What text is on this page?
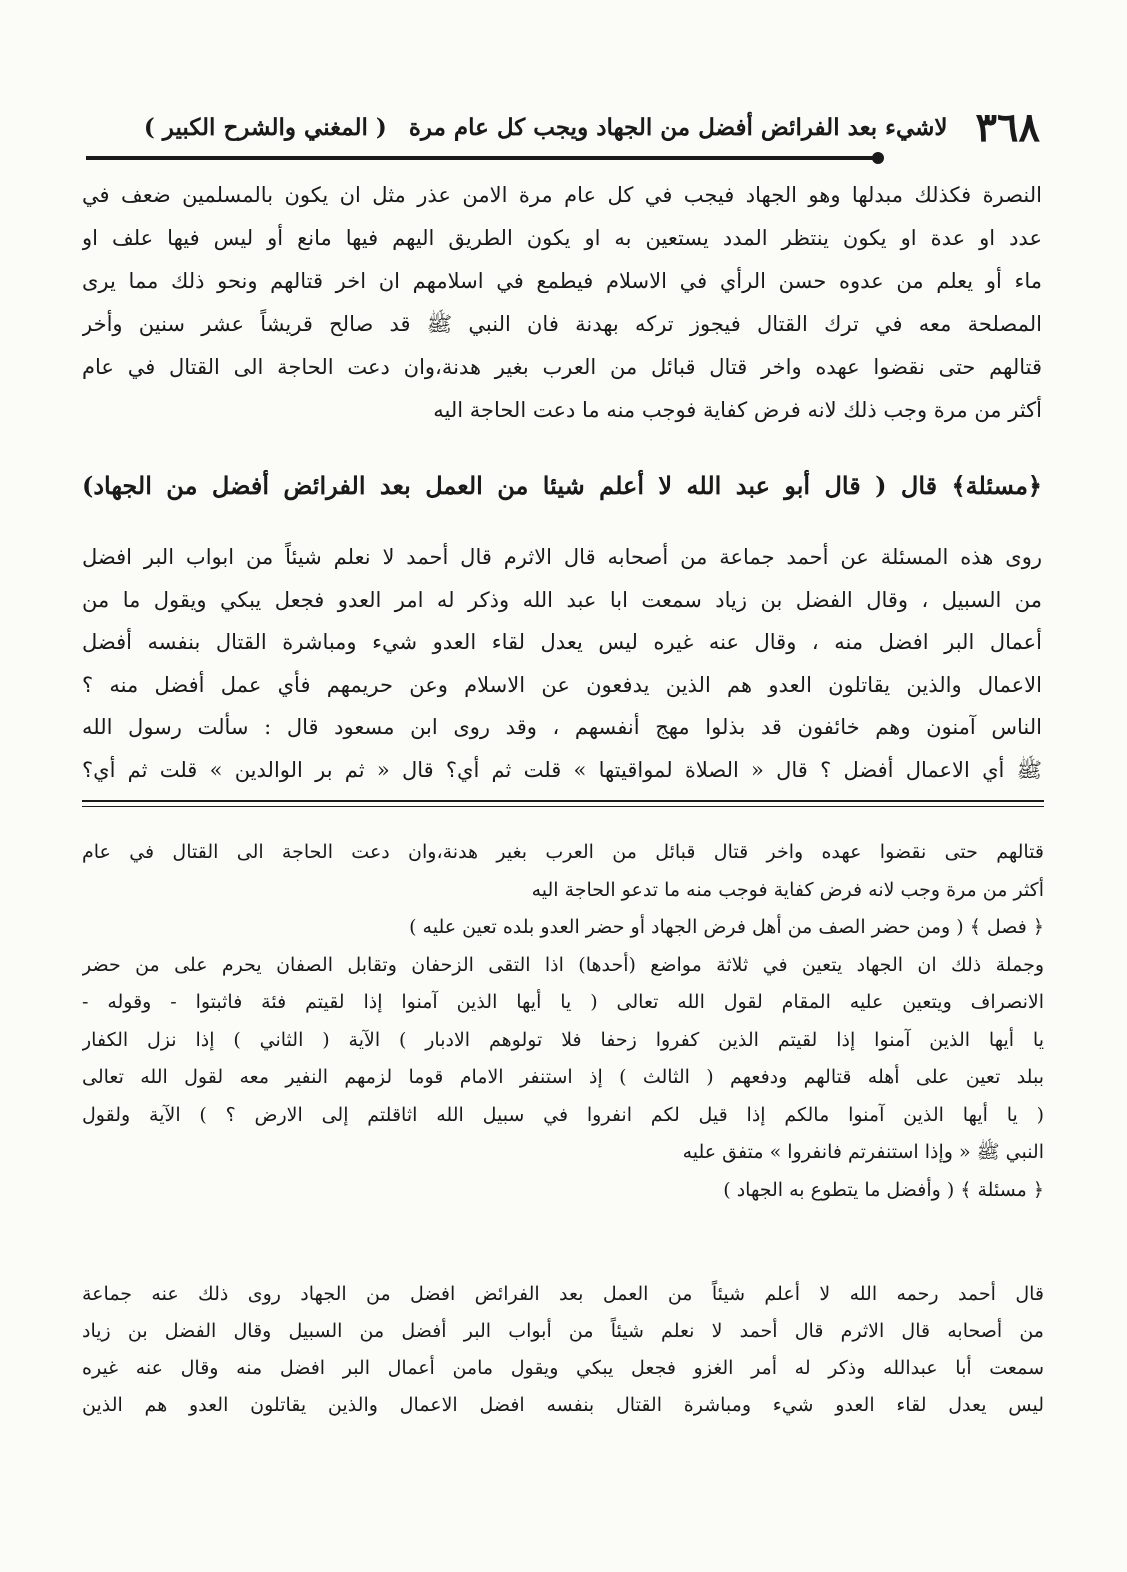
٣٦٨
لاشيء بعد الفرائض أفضل من الجهاد ويجب كل عام مرة
( المغني والشرح الكبير )
النصرة فكذلك مبدلها وهو الجهاد فيجب في كل عام مرة الامن عذر مثل ان يكون بالمسلمين ضعف في
عدد او عدة او يكون ينتظر المدد يستعين به او يكون الطريق اليهم فيها مانع أو ليس فيها علف او
ماء أو يعلم من عدوه حسن الرأي في الاسلام فيطمع في اسلامهم ان اخر قتالهم ونحو ذلك مما يرى
المصلحة معه في ترك القتال فيجوز تركه بهدنة فان النبي ﷺ قد صالح قريشاً عشر سنين وأخر
قتالهم حتى نقضوا عهده واخر قتال قبائل من العرب بغير هدنة،وان دعت الحاجة الى القتال في عام
أكثر من مرة وجب ذلك لانه فرض كفاية فوجب منه ما دعت الحاجة اليه
﴿مسئلة﴾ قال ( قال أبو عبد الله لا أعلم شيئا من العمل بعد الفرائض أفضل من الجهاد)
روى هذه المسئلة عن أحمد جماعة من أصحابه قال الاثرم قال أحمد لا نعلم شيئاً من ابواب البر افضل
من السبيل ، وقال الفضل بن زياد سمعت ابا عبد الله وذكر له امر العدو فجعل يبكي ويقول ما من
أعمال البر افضل منه ، وقال عنه غيره ليس يعدل لقاء العدو شيء ومباشرة القتال بنفسه أفضل
الاعمال والذين يقاتلون العدو هم الذين يدفعون عن الاسلام وعن حريمهم فأي عمل أفضل منه ؟
الناس آمنون وهم خائفون قد بذلوا مهج أنفسهم ، وقد روى ابن مسعود قال : سألت رسول الله
ﷺ أي الاعمال أفضل ؟ قال « الصلاة لمواقيتها » قلت ثم أي؟ قال « ثم بر الوالدين » قلت ثم أي؟
قتالهم حتى نقضوا عهده واخر قتال قبائل من العرب بغير هدنة،وان دعت الحاجة الى القتال في عام
أكثر من مرة وجب لانه فرض كفاية فوجب منه ما تدعو الحاجة اليه
﴿ فصل ﴾ ( ومن حضر الصف من أهل فرض الجهاد أو حضر العدو بلده تعين عليه )
وجملة ذلك ان الجهاد يتعين في ثلاثة مواضع (أحدها) اذا التقى الزحفان وتقابل الصفان يحرم على من حضر
الانصراف ويتعين عليه المقام لقول الله تعالى ( يا أيها الذين آمنوا إذا لقيتم فئة فاثبتوا - وقوله -
يا أيها الذين آمنوا إذا لقيتم الذين كفروا زحفا فلا تولوهم الادبار ) الآية ( الثاني ) إذا نزل الكفار
ببلد تعين على أهله قتالهم ودفعهم ( الثالث ) إذ استنفر الامام قوما لزمهم النفير معه لقول الله تعالى
( يا أيها الذين آمنوا مالكم إذا قيل لكم انفروا في سبيل الله اثاقلتم إلى الارض ؟ ) الآية ولقول
النبي ﷺ « وإذا استنفرتم فانفروا » متفق عليه
﴿ مسئلة ﴾ ( وأفضل ما يتطوع به الجهاد )
قال أحمد رحمه الله لا أعلم شيئاً من العمل بعد الفرائض افضل من الجهاد روى ذلك عنه جماعة
من أصحابه قال الاثرم قال أحمد لا نعلم شيئاً من أبواب البر أفضل من السبيل وقال الفضل بن زياد
سمعت أبا عبدالله وذكر له أمر الغزو فجعل يبكي ويقول مامن أعمال البر افضل منه وقال عنه غيره
ليس يعدل لقاء العدو شيء ومباشرة القتال بنفسه افضل الاعمال والذين يقاتلون العدو هم الذين
